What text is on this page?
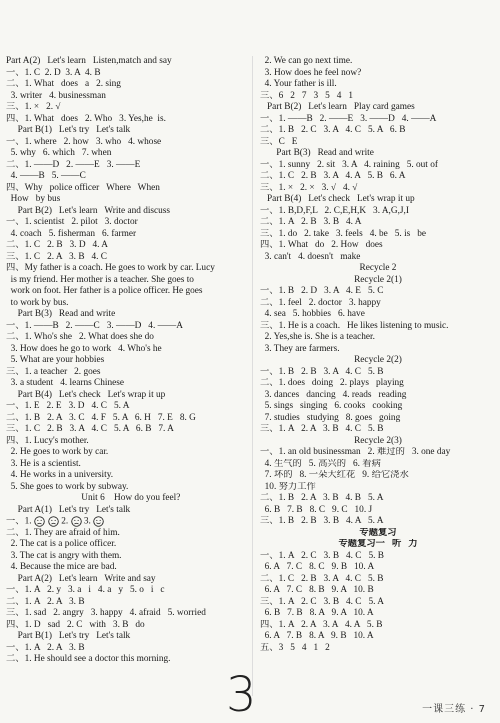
Part A(2)   Let's learn   Listen,match and say
一、1. C  2. D  3. A  4. B
二、1. What   does   a   2. sing
3. writer   4. businessman
三、1. ×   2. √
四、1. What   does   2. Who   3. Yes,he  is.
Part B(1)   Let's try   Let's talk
一、1. where   2. how   3. who   4. whose
5. why   6. which   7. when
二、1. ——D   2. ——E   3. ——E
4. ——B   5. ——C
四、Why   police officer   Where   When
How   by bus
Part B(2)   Let's learn   Write and discuss
一、1. scientist   2. pilot   3. doctor
4. coach   5. fisherman   6. farmer
二、1. C   2. B   3. D   4. A
三、1. C   2. A   3. B   4. C
四、My father is a coach. He goes to work by car. Lucy
is my friend. Her mother is a teacher. She goes to
work on foot. Her father is a police officer. He goes
to work by bus.
Part B(3)   Read and write
一、1. ——B   2. ——C   3. ——D   4. ——A
二、1. Who's she   2. What does she do
3. How does he go to work   4. Who's he
5. What are your hobbies
三、1. a teacher   2. goes
3. a student   4. learns Chinese
Part B(4)   Let's check   Let's wrap it up
一、1. E   2. E   3. D   4. C   5. A
二、1. B   2. A   3. C   4. F   5. A   6. H   7. E   8. G
三、1. C   2. B   3. A   4. C   5. A   6. B   7. A
四、1. Lucy's mother.
2. He goes to work by car.
3. He is a scientist.
4. He works in a university.
5. She goes to work by subway.
Unit 6    How do you feel?
Part A(1)   Let's try   Let's talk
一、1.	2. 3.
二、1. They are afraid of him.
2. The cat is a police officer.
3. The cat is angry with them.
4. Because the mice are bad.
Part A(2)   Let's learn   Write and say
一、1. A   2. y   3. a   i   4. a   y   5. o   i   c
二、1. A   2. A   3. B
三、1. sad   2. angry   3. happy   4. afraid   5. worried
四、1. D   sad   2. C   with   3. B   do
Part B(1)   Let's try   Let's talk
一、1. A   2. A   3. B
二、1. He should see a doctor this morning.
2. We can go next time.
3. How does he feel now?
4. Your father is ill.
三、6   2   7   3   5   4   1
Part B(2)   Let's learn   Play card games
一、1. ——B   2. ——E   3. ——D   4. ——A
二、1. B   2. C   3. A   4. C   5. A   6. B
三、C   E
Part B(3)   Read and write
一、1. sunny   2. sit   3. A   4. raining   5. out of
二、1. C   2. B   3. A   4. A   5. B   6. A
三、1. ×   2. ×   3. √   4. √
Part B(4)   Let's check   Let's wrap it up
一、1. B,D,F,L   2. C,E,H,K   3. A,G,J,I
二、1. A   2. B   3. B   4. A
三、1. do   2. take   3. feels   4. be   5. is   be
四、1. What   do   2. How   does
3. can't   4. doesn't   make
Recycle 2
Recycle 2(1)
一、1. B   2. D   3. A   4. E   5. C
二、1. feel   2. doctor   3. happy
4. sea   5. hobbies   6. have
三、1. He is a coach.   He likes listening to music.
2. Yes,she is. She is a teacher.
3. They are farmers.
Recycle 2(2)
一、1. B   2. B   3. A   4. C   5. B
二、1. does   doing   2. plays   playing
3. dances   dancing   4. reads   reading
5. sings   singing   6. cooks   cooking
7. studies   studying   8. goes   going
三、1. A   2. A   3. B   4. C   5. B
Recycle 2(3)
一、1. an old businessman   2. 难过的   3. one day
4. 生气的   5. 高兴的   6. 看病
7. 坏的   8. 一朵大红花   9. 给它浇水
10. 努力工作
二、1. B   2. A   3. B   4. B   5. A
6. B   7. B   8. C   9. C   10. J
三、1. B   2. B   3. B   4. A   5. A
专题复习
专题复习一   听   力
一、1. A   2. C   3. B   4. C   5. B
6. A   7. C   8. C   9. B   10. A
二、1. C   2. B   3. A   4. C   5. B
6. A   7. C   8. B   9. A   10. B
三、1. A   2. C   3. B   4. C   5. A
6. B   7. B   8. A   9. A   10. A
四、1. A   2. A   3. A   4. A   5. B
6. A   7. B   8. A   9. B   10. A
五、3   5   4   1   2
3	一课三练 · 7
